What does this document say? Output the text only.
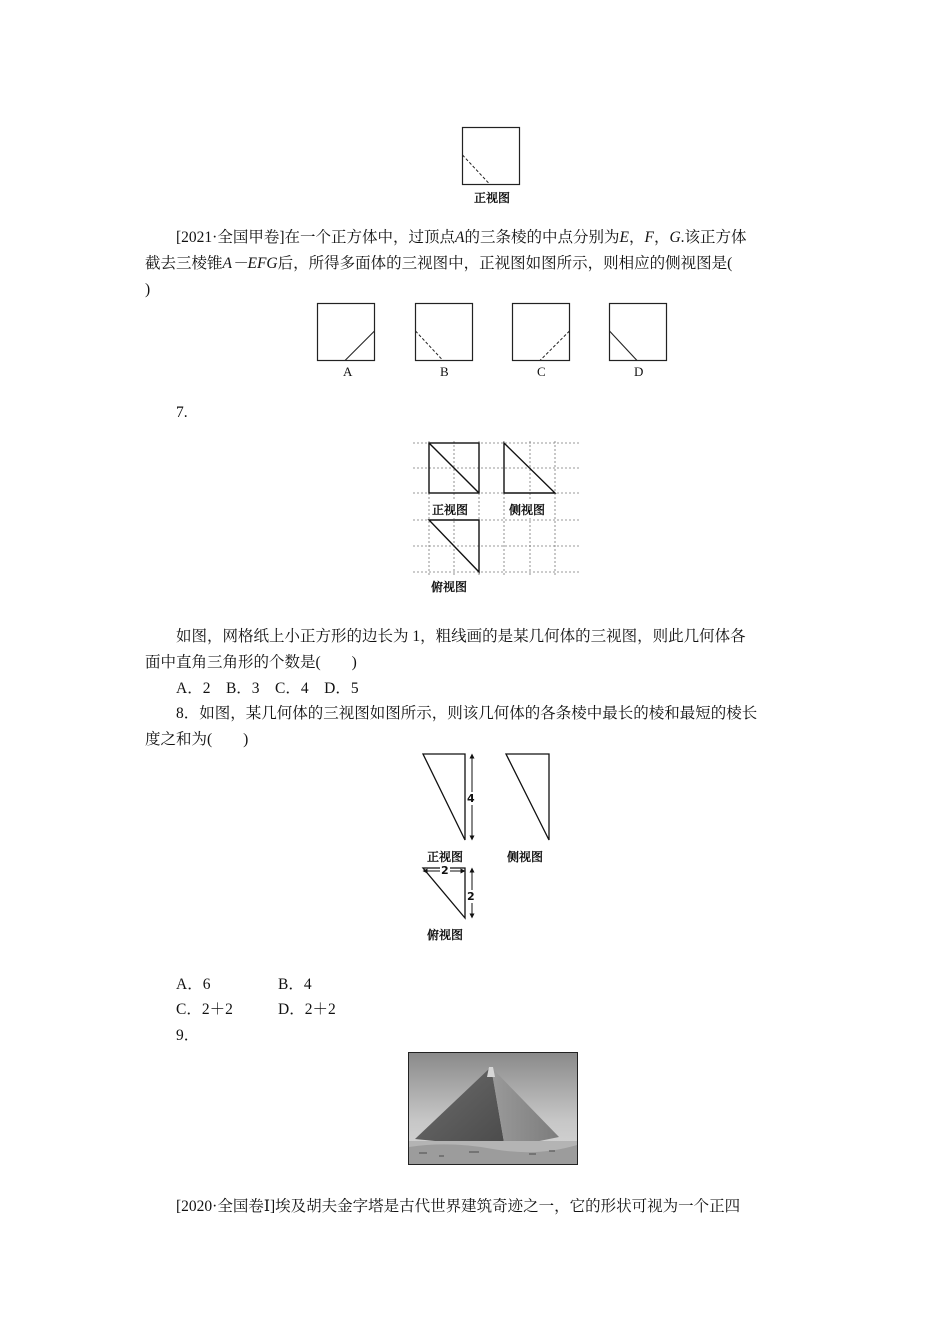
正视图
[2021·全国甲卷]在一个正方体中，过顶点A的三条棱的中点分别为E，F，G.该正方体
截去三棱锥A－EFG后，所得多面体的三视图中，正视图如图所示，则相应的侧视图是(
)
A	B	C	D
7.
正视图	侧视图
俯视图
如图，网格纸上小正方形的边长为 1，粗线画的是某几何体的三视图，则此几何体各
面中直角三角形的个数是(　　)
A．2　B．3　C．4　D．5
8．如图，某几何体的三视图如图所示，则该几何体的各条棱中最长的棱和最短的棱长
度之和为(　　)
4
2
2
正视图	侧视图
俯视图
A．6	B．4
C．2＋2	D．2＋2
9．
[2020·全国卷Ⅰ]埃及胡夫金字塔是古代世界建筑奇迹之一，它的形状可视为一个正四
